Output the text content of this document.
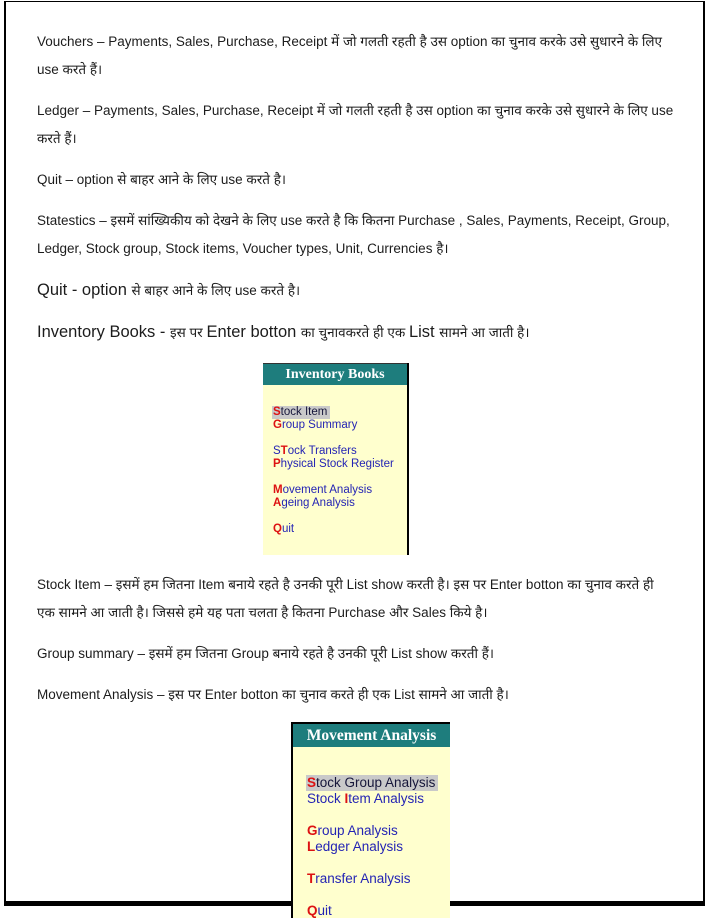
Vouchers – Payments, Sales, Purchase, Receipt में जो गलती रहती है उस option का चुनाव करके उसे सुधारने के लिए use करते हैं।

Ledger – Payments, Sales, Purchase, Receipt में जो गलती रहती है उस option का चुनाव करके उसे सुधारने के लिए use करते हैं।

Quit – option से बाहर आने के लिए use करते है।

Statestics – इसमें सांख्यिकीय को देखने के लिए use करते है कि कितना Purchase , Sales, Payments, Receipt, Group, Ledger, Stock group, Stock items, Voucher types, Unit, Currencies है।

Quit - option से बाहर आने के लिए use करते है।

Inventory Books - इस पर Enter botton का चुनावकरते ही एक List सामने आ जाती है।

Inventory Books
Stock Item
Group Summary
STock Transfers
Physical Stock Register
Movement Analysis
Ageing Analysis
Quit

Stock Item – इसमें हम जितना Item बनाये रहते है उनकी पूरी List show करती है। इस पर Enter botton का चुनाव करते ही एक सामने आ जाती है। जिससे हमे यह पता चलता है कितना Purchase और Sales किये है।

Group summary – इसमें हम जितना Group बनाये रहते है उनकी पूरी List show करती हैं।

Movement Analysis – इस पर Enter botton का चुनाव करते ही एक List सामने आ जाती है।

Movement Analysis
Stock Group Analysis
Stock Item Analysis
Group Analysis
Ledger Analysis
Transfer Analysis
Quit
